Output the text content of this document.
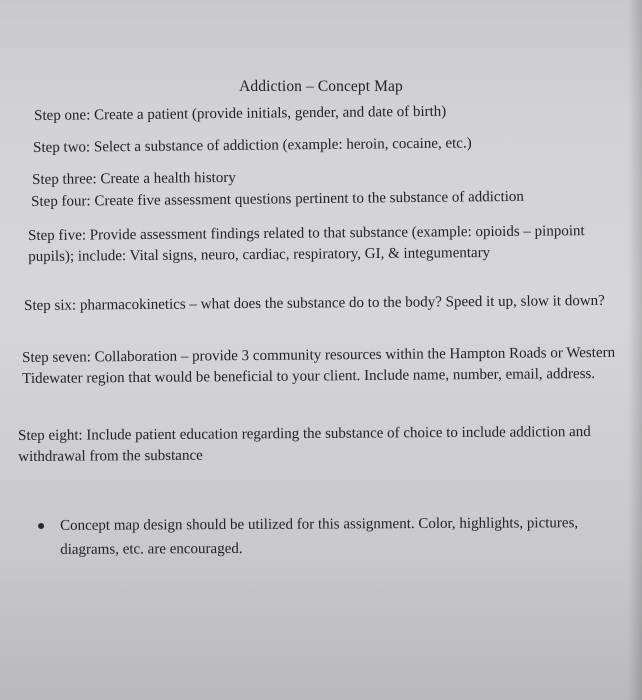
Addiction – Concept Map
Step one: Create a patient (provide initials, gender, and date of birth)
Step two: Select a substance of addiction (example: heroin, cocaine, etc.)
Step three: Create a health history
Step four: Create five assessment questions pertinent to the substance of addiction
Step five: Provide assessment findings related to that substance (example: opioids – pinpoint pupils); include: Vital signs, neuro, cardiac, respiratory, GI, & integumentary
Step six: pharmacokinetics – what does the substance do to the body? Speed it up, slow it down?
Step seven: Collaboration – provide 3 community resources within the Hampton Roads or Western Tidewater region that would be beneficial to your client. Include name, number, email, address.
Step eight: Include patient education regarding the substance of choice to include addiction and withdrawal from the substance
Concept map design should be utilized for this assignment. Color, highlights, pictures, diagrams, etc. are encouraged.
